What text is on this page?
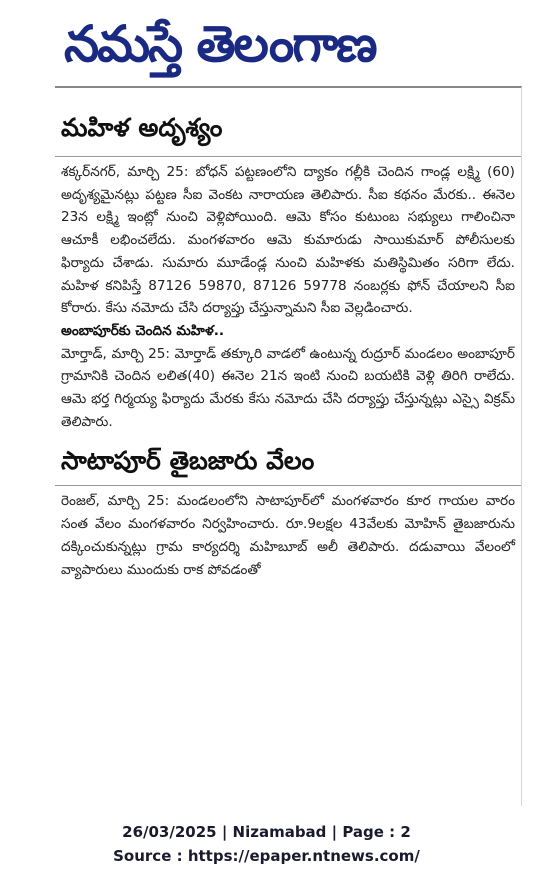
నమస్తే తెలంగాణ
మహిళ అదృశ్యం

శక్కర్‌నగర్‌, మార్చి 25: బోధన్‌ పట్టణంలోని ద్యాకం గల్లీకి చెందిన గాండ్ల లక్ష్మి (60) అదృశ్యమైనట్లు పట్టణ సీఐ వెంకట నారాయణ తెలిపారు. సీఐ కథనం మేరకు.. ఈనెల 23న లక్ష్మి ఇంట్లో నుంచి వెళ్లిపోయింది. ఆమె కోసం కుటుంబ సభ్యులు గాలించినా ఆచూకీ లభించలేదు. మంగళవారం ఆమె కుమారుడు సాయికుమార్‌ పోలీసులకు ఫిర్యాదు చేశాడు. సుమారు మూడేండ్ల నుంచి మహిళకు మతిస్థిమితం సరిగా లేదు. మహిళ కనిపిస్తే 87126 59870, 87126 59778 నంబర్లకు ఫోన్‌ చేయాలని సీఐ కోరారు. కేసు నమోదు చేసి దర్యాప్తు చేస్తున్నామని సీఐ వెల్లడించారు.

అంబాపూర్‌కు చెందిన మహిళ..

మోర్తాడ్‌, మార్చి 25: మోర్తాడ్‌ తక్కూరి వాడలో ఉంటున్న రుద్రూర్‌ మండలం అంబాపూర్‌ గ్రామానికి చెందిన లలిత(40) ఈనెల 21న ఇంటి నుంచి బయటికి వెళ్లి తిరిగి రాలేదు. ఆమె భర్త గిర్మయ్య ఫిర్యాదు మేరకు కేసు నమోదు చేసి దర్యాప్తు చేస్తున్నట్లు ఎస్సై విక్రమ్‌ తెలిపారు.

సాటాపూర్‌ తైబజారు వేలం

రెంజల్‌, మార్చి 25: మండలంలోని సాటాపూర్‌లో మంగళవారం కూర గాయల వారం సంత వేలం మంగళవారం నిర్వహించారు. రూ.9లక్షల 43వేలకు మోహిన్‌ తైబజారును దక్కించుకున్నట్లు గ్రామ కార్యదర్శి మహిబూబ్‌ అలీ తెలిపారు. దడువాయి వేలంలో వ్యాపారులు ముందుకు రాక పోవడంతో

26/03/2025 | Nizamabad | Page : 2
Source : https://epaper.ntnews.com/
